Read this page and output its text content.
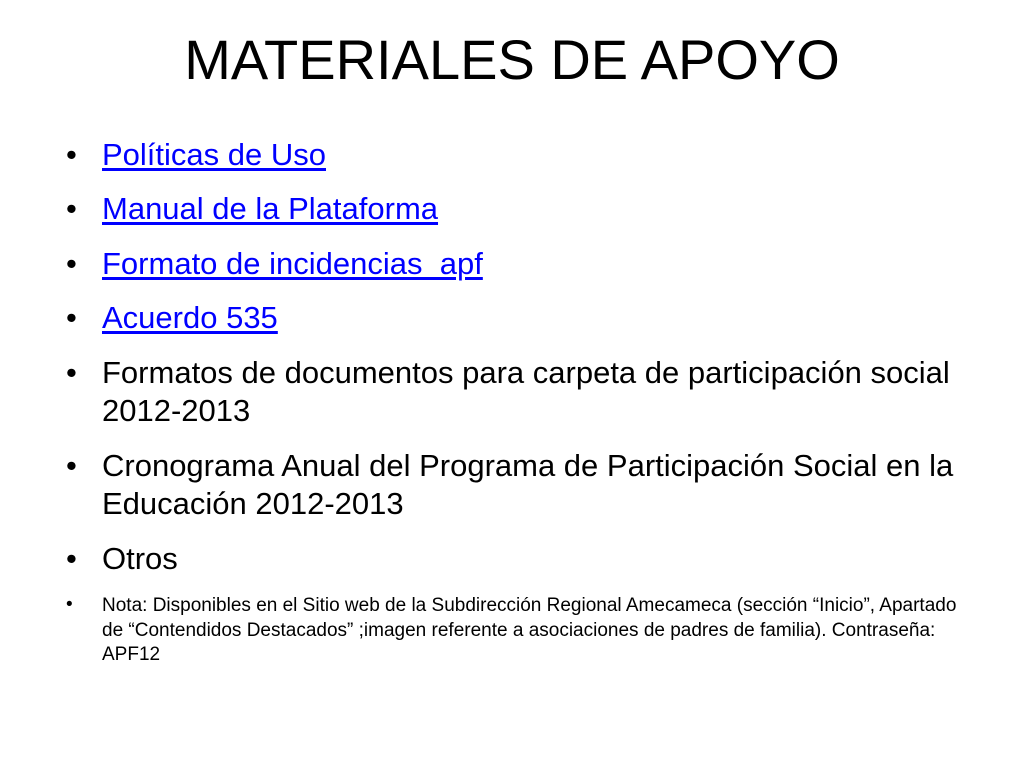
MATERIALES DE APOYO
• Políticas de Uso
• Manual de la Plataforma
• Formato de incidencias_apf
• Acuerdo 535
• Formatos de documentos para carpeta de participación social 2012-2013
• Cronograma Anual del Programa de Participación Social en la Educación 2012-2013
• Otros
• Nota: Disponibles en el Sitio web de la Subdirección Regional Amecameca (sección “Inicio”, Apartado de “Contendidos Destacados” ;imagen referente a asociaciones de padres de familia). Contraseña: APF12
